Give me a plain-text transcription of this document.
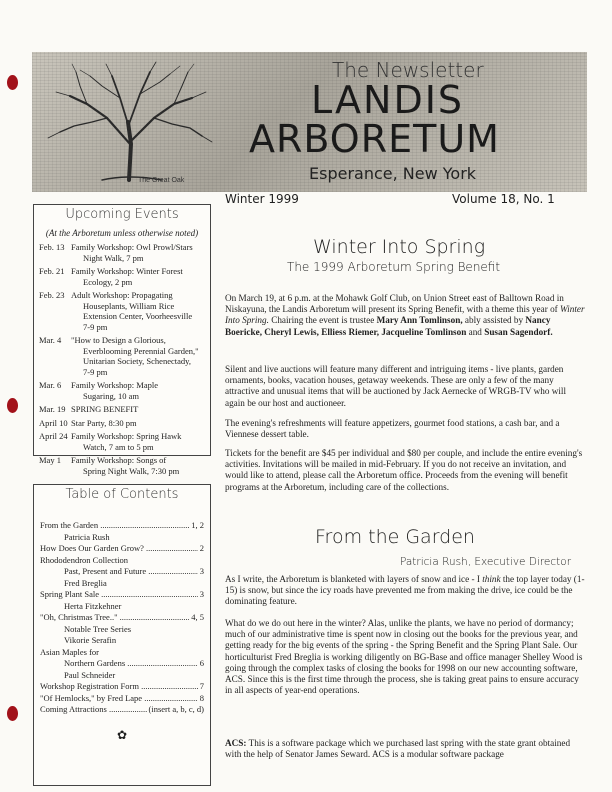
The Great Oak
The Newsletter
LANDIS
ARBORETUM
Esperance, New York
Winter 1999	Volume 18, No. 1
Upcoming Events
(At the Arboretum unless otherwise noted)
Feb. 13 Family Workshop: Owl Prowl/Stars
Night Walk, 7 pm
Feb. 21 Family Workshop: Winter Forest
Ecology, 2 pm
Feb. 23 Adult Workshop: Propagating
Houseplants, William Rice
Extension Center, Voorheesville
7-9 pm
Mar. 4	"How to Design a Glorious,
Everblooming Perennial Garden,"
Unitarian Society, Schenectady,
7-9 pm
Mar. 6	Family Workshop: Maple
Sugaring, 10 am
Mar. 19 SPRING BENEFIT
April 10 Star Party, 8:30 pm
April 24 Family Workshop: Spring Hawk
Watch, 7 am to 5 pm
May 1	Family Workshop: Songs of
Spring Night Walk, 7:30 pm
Table of Contents
From the Garden .....	1, 2
Patricia Rush
How Does Our Garden Grow? .....	2
Rhododendron Collection
Past, Present and Future .....	3
Fred Breglia
Spring Plant Sale .....	3
Herta Fitzkehner
"Oh, Christmas Tree.." .....	4, 5
Notable Tree Series
Vikorie Serafin
Asian Maples for
Northern Gardens .....	6
Paul Schneider
Workshop Registration Form .....	7
"Of Hemlocks," by Fred Lape .....	8
Coming Attractions .....	(insert a, b, c, d)
✿
Winter Into Spring
The 1999 Arboretum Spring Benefit

On March 19, at 6 p.m. at the Mohawk Golf Club, on Union Street east of Balltown Road in Niskayuna, the Landis Arboretum will present its Spring Benefit, with a theme this year of Winter Into Spring. Chairing the event is trustee Mary Ann Tomlinson, ably assisted by Nancy Boericke, Cheryl Lewis, Elliess Riemer, Jacqueline Tomlinson and Susan Sagendorf.

Silent and live auctions will feature many different and intriguing items - live plants, garden ornaments, books, vacation houses, getaway weekends. These are only a few of the many attractive and unusual items that will be auctioned by Jack Aernecke of WRGB-TV who will again be our host and auctioneer.

The evening's refreshments will feature appetizers, gourmet food stations, a cash bar, and a Viennese dessert table.

Tickets for the benefit are $45 per individual and $80 per couple, and include the entire evening's activities. Invitations will be mailed in mid-February. If you do not receive an invitation, and would like to attend, please call the Arboretum office. Proceeds from the evening will benefit programs at the Arboretum, including care of the collections.

From the Garden
Patricia Rush, Executive Director

As I write, the Arboretum is blanketed with layers of snow and ice - I think the top layer today (1-15) is snow, but since the icy roads have prevented me from making the drive, ice could be the dominating feature.

What do we do out here in the winter? Alas, unlike the plants, we have no period of dormancy; much of our administrative time is spent now in closing out the books for the previous year, and getting ready for the big events of the spring - the Spring Benefit and the Spring Plant Sale. Our horticulturist Fred Breglia is working diligently on BG-Base and office manager Shelley Wood is going through the complex tasks of closing the books for 1998 on our new accounting software, ACS. Since this is the first time through the process, she is taking great pains to ensure accuracy in all aspects of year-end operations.

ACS: This is a software package which we purchased last spring with the state grant obtained with the help of Senator James Seward. ACS is a modular software package
